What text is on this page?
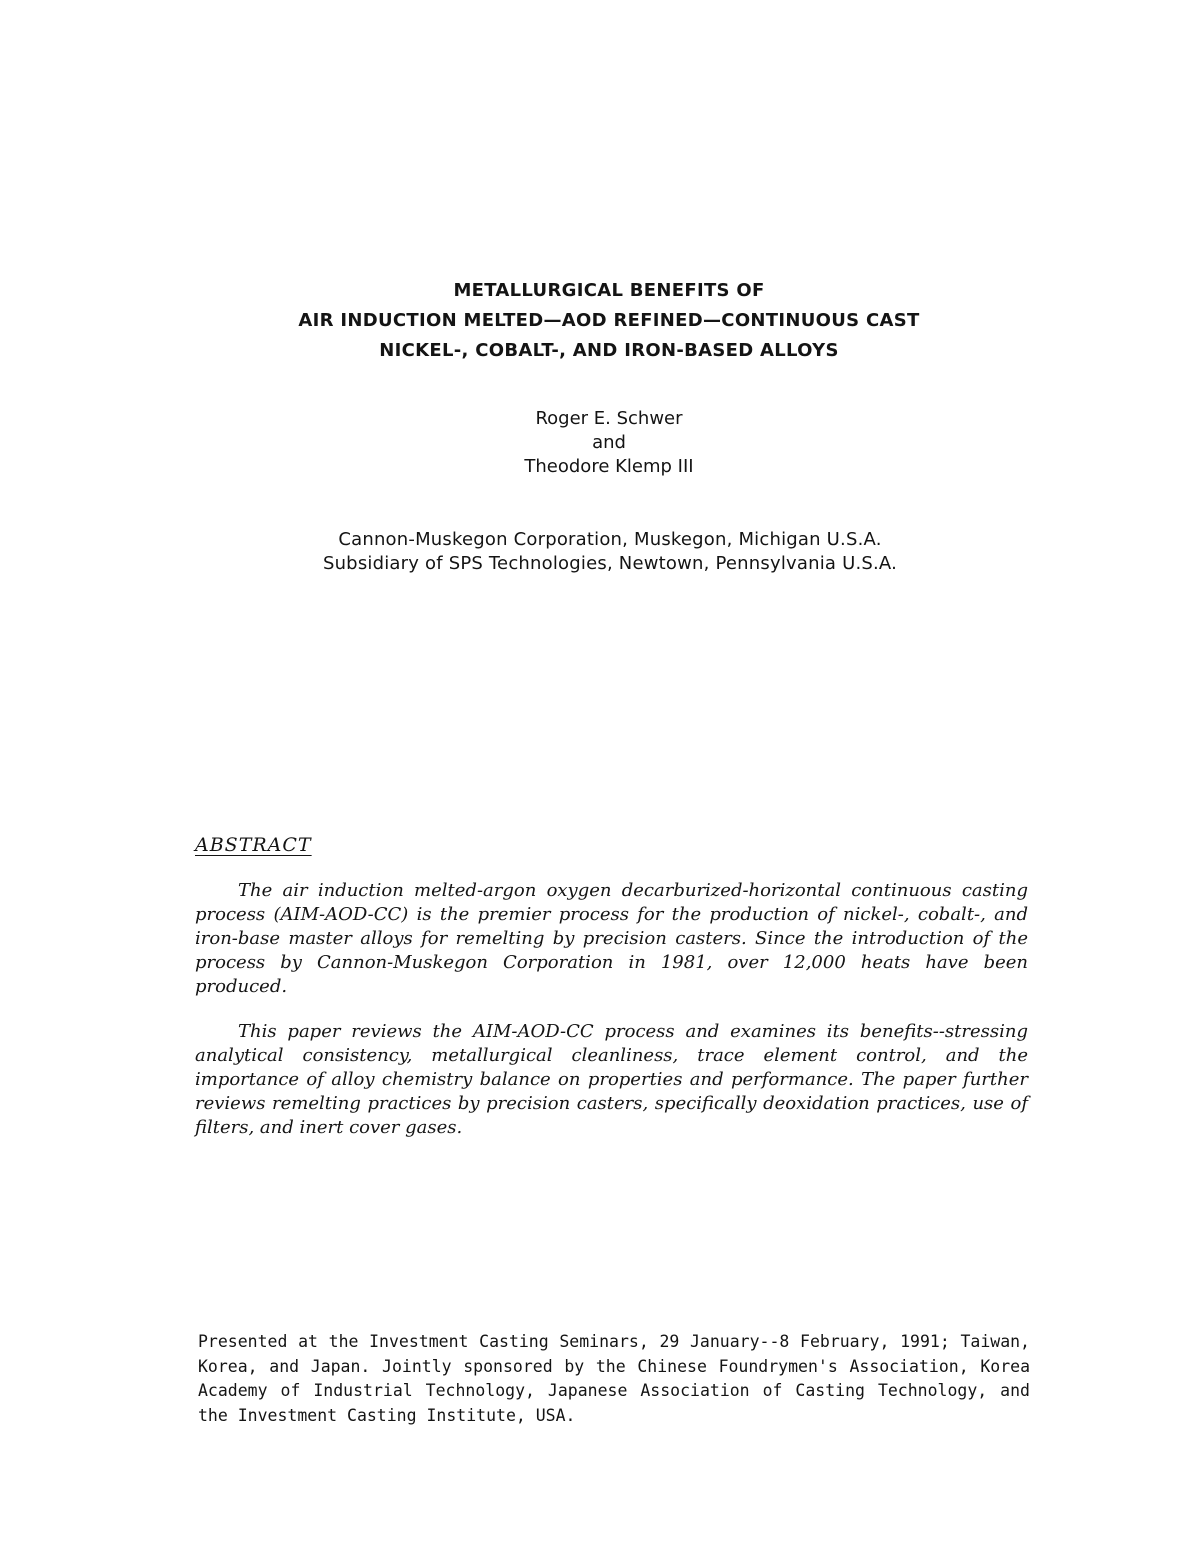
METALLURGICAL BENEFITS OF
AIR INDUCTION MELTED—AOD REFINED—CONTINUOUS CAST
NICKEL-, COBALT-, AND IRON-BASED ALLOYS
Roger E. Schwer
and
Theodore Klemp III
Cannon-Muskegon Corporation, Muskegon, Michigan U.S.A.
Subsidiary of SPS Technologies, Newtown, Pennsylvania U.S.A.
ABSTRACT

The air induction melted-argon oxygen decarburized-horizontal continuous casting process (AIM-AOD-CC) is the premier process for the production of nickel-, cobalt-, and iron-base master alloys for remelting by precision casters. Since the introduction of the process by Cannon-Muskegon Corporation in 1981, over 12,000 heats have been produced.

This paper reviews the AIM-AOD-CC process and examines its benefits--stressing analytical consistency, metallurgical cleanliness, trace element control, and the importance of alloy chemistry balance on properties and performance. The paper further reviews remelting practices by precision casters, specifically deoxidation practices, use of filters, and inert cover gases.

Presented at the Investment Casting Seminars, 29 January--8 February, 1991; Taiwan, Korea, and Japan. Jointly sponsored by the Chinese Foundrymen's Association, Korea Academy of Industrial Technology, Japanese Association of Casting Technology, and the Investment Casting Institute, USA.
